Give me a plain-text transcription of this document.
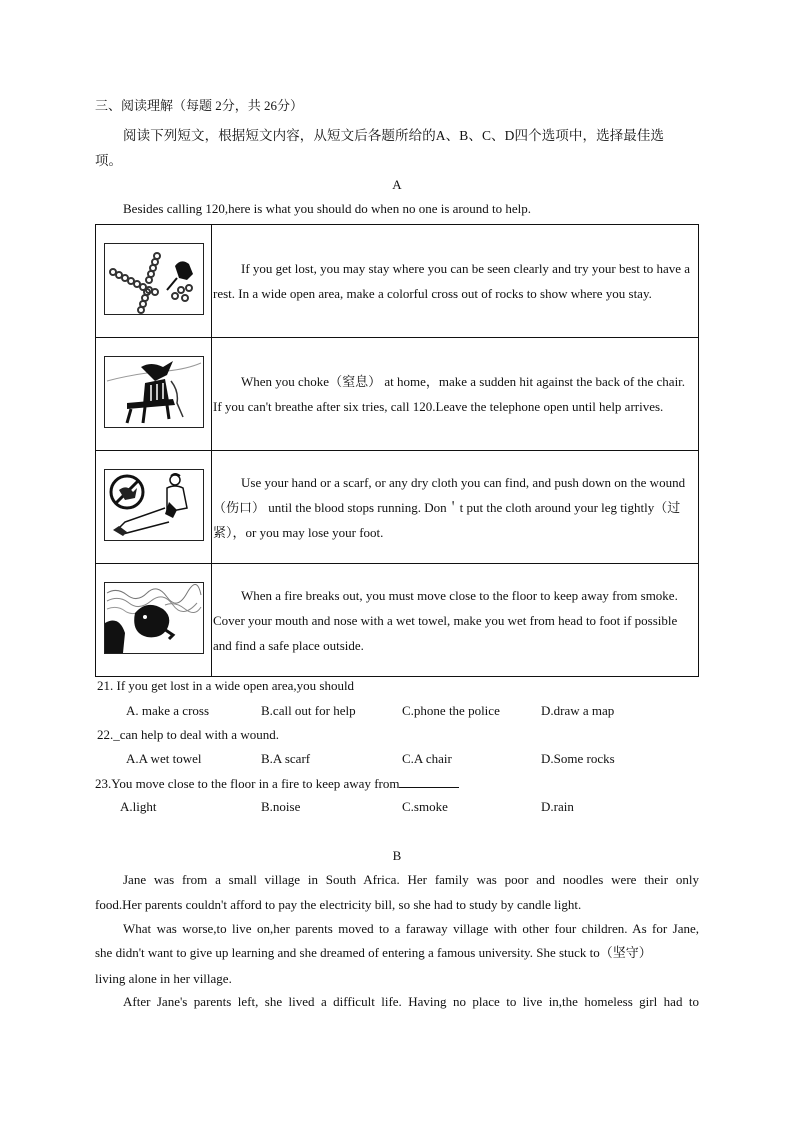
三、阅读理解（每题 2分，共 26分）
阅读下列短文，根据短文内容，从短文后各题所给的A、B、C、D四个选项中，选择最佳选
项。
A
Besides calling 120,here is what you should do when no one is around to help.
	If you get lost, you may stay where you can be seen clearly and try your best to have a rest. In a wide open area, make a colorful cross out of rocks to show where you stay.

	When you choke（窒息） at home，make a sudden hit against the back of the chair. If you can't breathe after six tries, call 120.Leave the telephone open until help arrives.

	Use your hand or a scarf, or any dry cloth you can find, and push down on the wound（伤口） until the blood stops running. Don＇t put the cloth around your leg tightly（过紧），or you may lose your foot.

	When a fire breaks out, you must move close to the floor to keep away from smoke. Cover your mouth and nose with a wet towel, make you wet from head to foot if possible and find a safe place outside.
21. If you get lost in a wide open area,you should
A. make a cross	B.call out for help	C.phone the police	D.draw a map
22._can help to deal with a wound.
A.A wet towel	B.A scarf	C.A chair	D.Some rocks
23.You move close to the floor in a fire to keep away from
A.light	B.noise	C.smoke	D.rain
B
Jane was from a small village in South Africa. Her family was poor and noodles were their only
food.Her parents couldn't afford to pay the electricity bill, so she had to study by candle light.
What was worse,to live on,her parents moved to a faraway village with other four children. As for Jane,
she didn't want to give up learning and she dreamed of entering a famous university. She stuck to（坚守）
living alone in her village.
After Jane's parents left, she lived a difficult life. Having no place to live in,the homeless girl had to
